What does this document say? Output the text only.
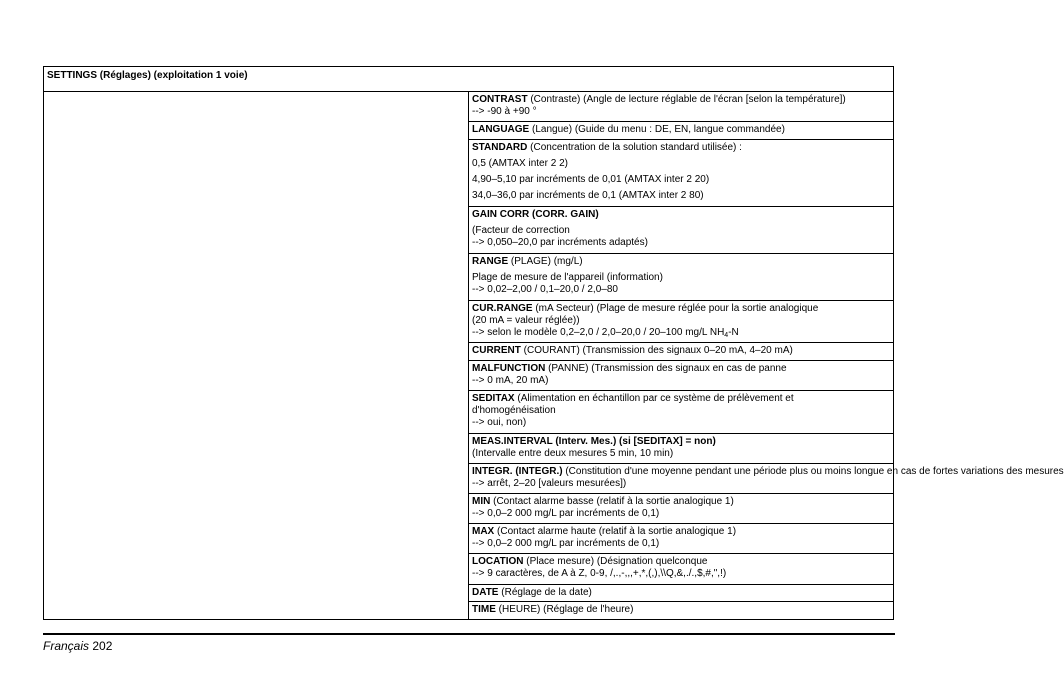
SETTINGS (Réglages) (exploitation 1 voie)

CONTRAST (Contraste) (Angle de lecture réglable de l'écran [selon la température])
--> -90 à +90 °

LANGUAGE (Langue) (Guide du menu : DE, EN, langue commandée)

STANDARD (Concentration de la solution standard utilisée) :
0,5 (AMTAX inter 2 2)
4,90–5,10 par incréments de 0,01 (AMTAX inter 2 20)
34,0–36,0 par incréments de 0,1 (AMTAX inter 2 80)

GAIN CORR (CORR. GAIN)
(Facteur de correction
--> 0,050–20,0 par incréments adaptés)

RANGE (PLAGE) (mg/L)
Plage de mesure de l'appareil (information)
--> 0,02–2,00 / 0,1–20,0 / 2,0–80

CUR.RANGE (mA Secteur) (Plage de mesure réglée pour la sortie analogique
(20 mA = valeur réglée))
--> selon le modèle 0,2–2,0 / 2,0–20,0 / 20–100 mg/L $NH_4-N$

CURRENT (COURANT) (Transmission des signaux 0–20 mA, 4–20 mA)

MALFUNCTION (PANNE) (Transmission des signaux en cas de panne
--> 0 mA, 20 mA)

SEDITAX (Alimentation en échantillon par ce système de prélèvement et
d'homogénéisation
--> oui, non)

MEAS.INTERVAL (Interv. Mes.) (si [SEDITAX] = non)
(Intervalle entre deux mesures 5 min, 10 min)

INTEGR. (INTEGR.) (Constitution d'une moyenne pendant une période plus ou moins longue en cas de fortes variations des mesures
--> arrêt, 2–20 [valeurs mesurées])

MIN (Contact alarme basse (relatif à la sortie analogique 1)
--> 0,0–2 000 mg/L par incréments de 0,1)

MAX (Contact alarme haute (relatif à la sortie analogique 1)
--> 0,0–2 000 mg/L par incréments de 0,1)

LOCATION (Place mesure) (Désignation quelconque
--> 9 caractères, de A à Z, 0-9, /,.,-,,,+,*,(,),\\Q,&,./.,$,#,",!)

DATE (Réglage de la date)

TIME (HEURE) (Réglage de l'heure)
Français 202
